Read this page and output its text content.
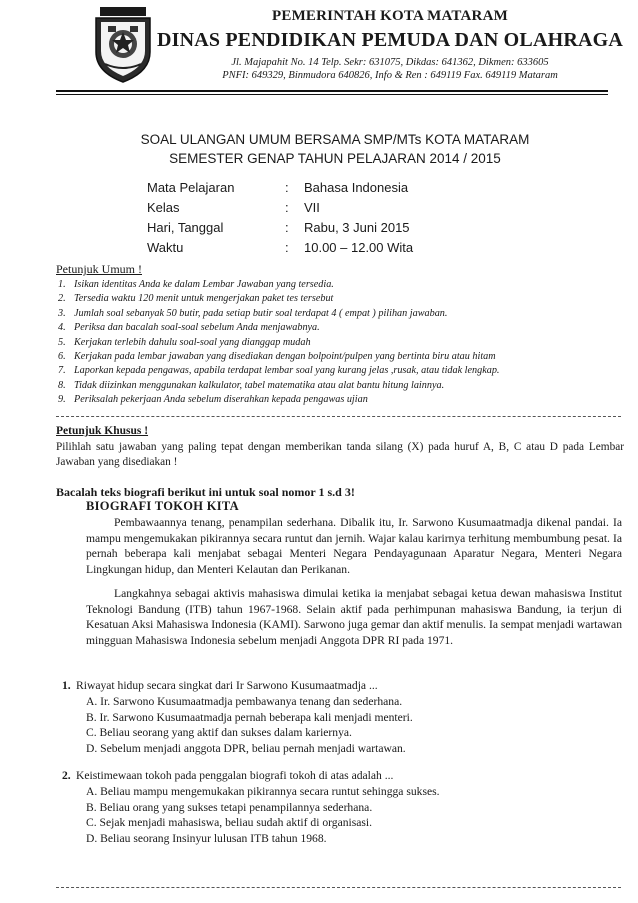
PEMERINTAH KOTA MATARAM
DINAS PENDIDIKAN PEMUDA DAN OLAHRAGA
Jl. Majapahit No. 14 Telp. Sekr: 631075, Dikdas: 641362, Dikmen: 633605
PNFI: 649329, Binmudora 640826, Info & Ren : 649119 Fax. 649119 Mataram
SOAL ULANGAN UMUM BERSAMA SMP/MTs KOTA MATARAM
SEMESTER GENAP TAHUN PELAJARAN 2014 / 2015
Mata Pelajaran	: Bahasa Indonesia
Kelas	: VII
Hari, Tanggal	: Rabu, 3 Juni 2015
Waktu	: 10.00 – 12.00 Wita
Petunjuk Umum !
1. Isikan identitas Anda ke dalam Lembar Jawaban yang tersedia.
2. Tersedia waktu 120 menit untuk mengerjakan paket tes tersebut
3. Jumlah soal sebanyak 50 butir, pada setiap butir soal terdapat 4 ( empat ) pilihan jawaban.
4. Periksa dan bacalah soal-soal sebelum Anda menjawabnya.
5. Kerjakan terlebih dahulu soal-soal yang dianggap mudah
6. Kerjakan pada lembar jawaban yang disediakan dengan bolpoint/pulpen yang bertinta biru atau hitam
7. Laporkan kepada pengawas, apabila terdapat lembar soal yang kurang jelas ,rusak, atau tidak lengkap.
8. Tidak diizinkan menggunakan kalkulator, tabel matematika atau alat bantu hitung lainnya.
9. Periksalah pekerjaan Anda sebelum diserahkan kepada pengawas ujian
Petunjuk Khusus !
Pilihlah satu jawaban yang paling tepat dengan memberikan tanda silang (X) pada huruf A, B, C atau D pada Lembar Jawaban yang disediakan !
Bacalah teks biografi berikut ini untuk soal nomor 1 s.d 3!
BIOGRAFI TOKOH KITA
Pembawaannya tenang, penampilan sederhana. Dibalik itu, Ir. Sarwono Kusumaatmadja dikenal pandai. Ia mampu mengemukakan pikirannya secara runtut dan jernih. Wajar kalau karirnya terhitung membumbung pesat. Ia pernah beberapa kali menjabat sebagai Menteri Negara Pendayagunaan Aparatur Negara, Menteri Negara Lingkungan hidup, dan Menteri Kelautan dan Perikanan.
Langkahnya sebagai aktivis mahasiswa dimulai ketika ia menjabat sebagai ketua dewan mahasiswa Institut Teknologi Bandung (ITB) tahun 1967-1968. Selain aktif pada perhimpunan mahasiswa Bandung, ia terjun di Kesatuan Aksi Mahasiswa Indonesia (KAMI). Sarwono juga gemar dan aktif menulis. Ia sempat menjadi wartawan mingguan Mahasiswa Indonesia sebelum menjadi Anggota DPR RI pada 1971.
1. Riwayat hidup secara singkat dari Ir Sarwono Kusumaatmadja ...
A. Ir. Sarwono Kusumaatmadja pembawanya tenang dan sederhana.
B. Ir. Sarwono Kusumaatmadja pernah beberapa kali menjadi menteri.
C. Beliau seorang yang aktif dan sukses dalam kariernya.
D. Sebelum menjadi anggota DPR, beliau pernah menjadi wartawan.
2. Keistimewaan tokoh pada penggalan biografi tokoh di atas adalah ...
A. Beliau mampu mengemukakan pikirannya secara runtut sehingga sukses.
B. Beliau orang yang sukses tetapi penampilannya sederhana.
C. Sejak menjadi mahasiswa, beliau sudah aktif di organisasi.
D. Beliau seorang Insinyur lulusan ITB tahun 1968.
